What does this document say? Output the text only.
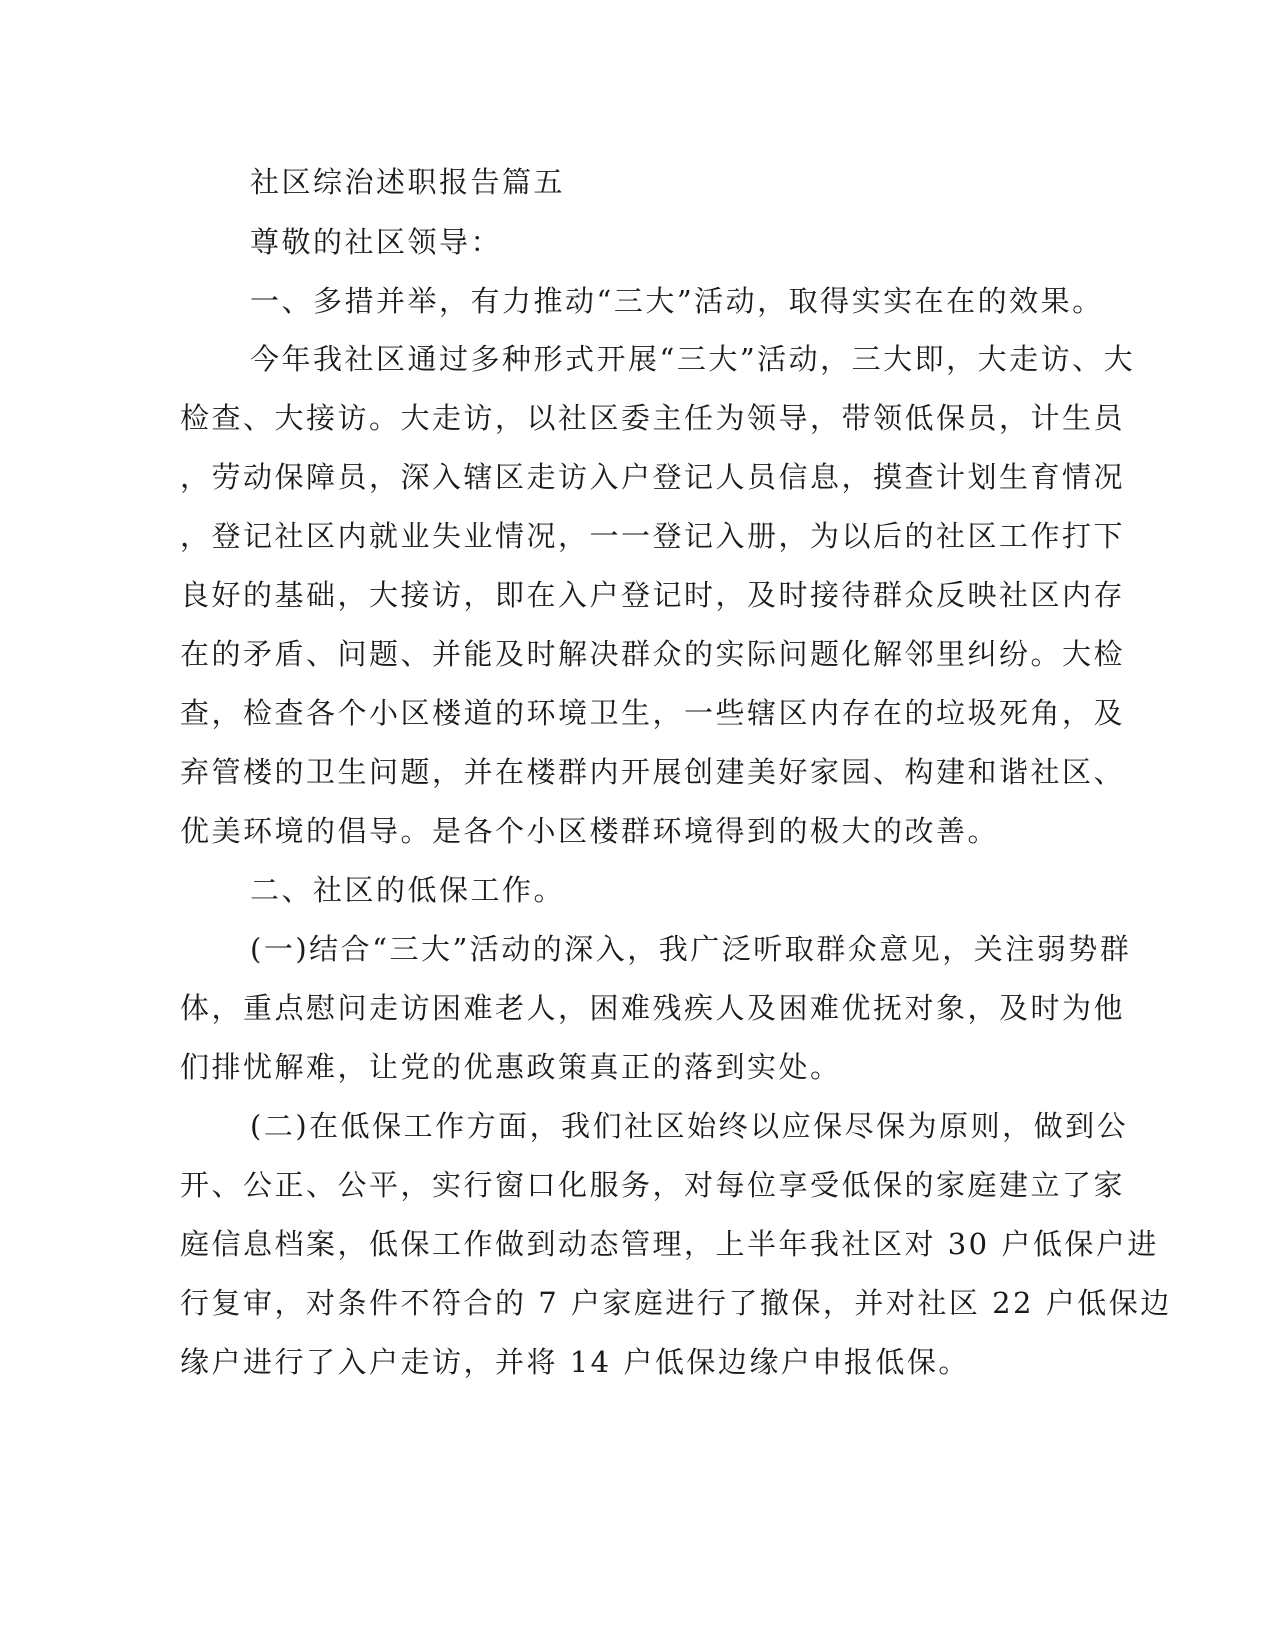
社区综治述职报告篇五
尊敬的社区领导：
一、多措并举，有力推动“三大”活动，取得实实在在的效果。
今年我社区通过多种形式开展“三大”活动，三大即，大走访、大
检查、大接访。大走访，以社区委主任为领导，带领低保员，计生员
，劳动保障员，深入辖区走访入户登记人员信息，摸查计划生育情况
，登记社区内就业失业情况，一一登记入册，为以后的社区工作打下
良好的基础，大接访，即在入户登记时，及时接待群众反映社区内存
在的矛盾、问题、并能及时解决群众的实际问题化解邻里纠纷。大检
查，检查各个小区楼道的环境卫生，一些辖区内存在的垃圾死角，及
弃管楼的卫生问题，并在楼群内开展创建美好家园、构建和谐社区、
优美环境的倡导。是各个小区楼群环境得到的极大的改善。
二、社区的低保工作。
(一)结合“三大”活动的深入，我广泛听取群众意见，关注弱势群
体，重点慰问走访困难老人，困难残疾人及困难优抚对象，及时为他
们排忧解难，让党的优惠政策真正的落到实处。
(二)在低保工作方面，我们社区始终以应保尽保为原则，做到公
开、公正、公平，实行窗口化服务，对每位享受低保的家庭建立了家
庭信息档案，低保工作做到动态管理，上半年我社区对 30 户低保户进
行复审，对条件不符合的 7 户家庭进行了撤保，并对社区 22 户低保边
缘户进行了入户走访，并将 14 户低保边缘户申报低保。
